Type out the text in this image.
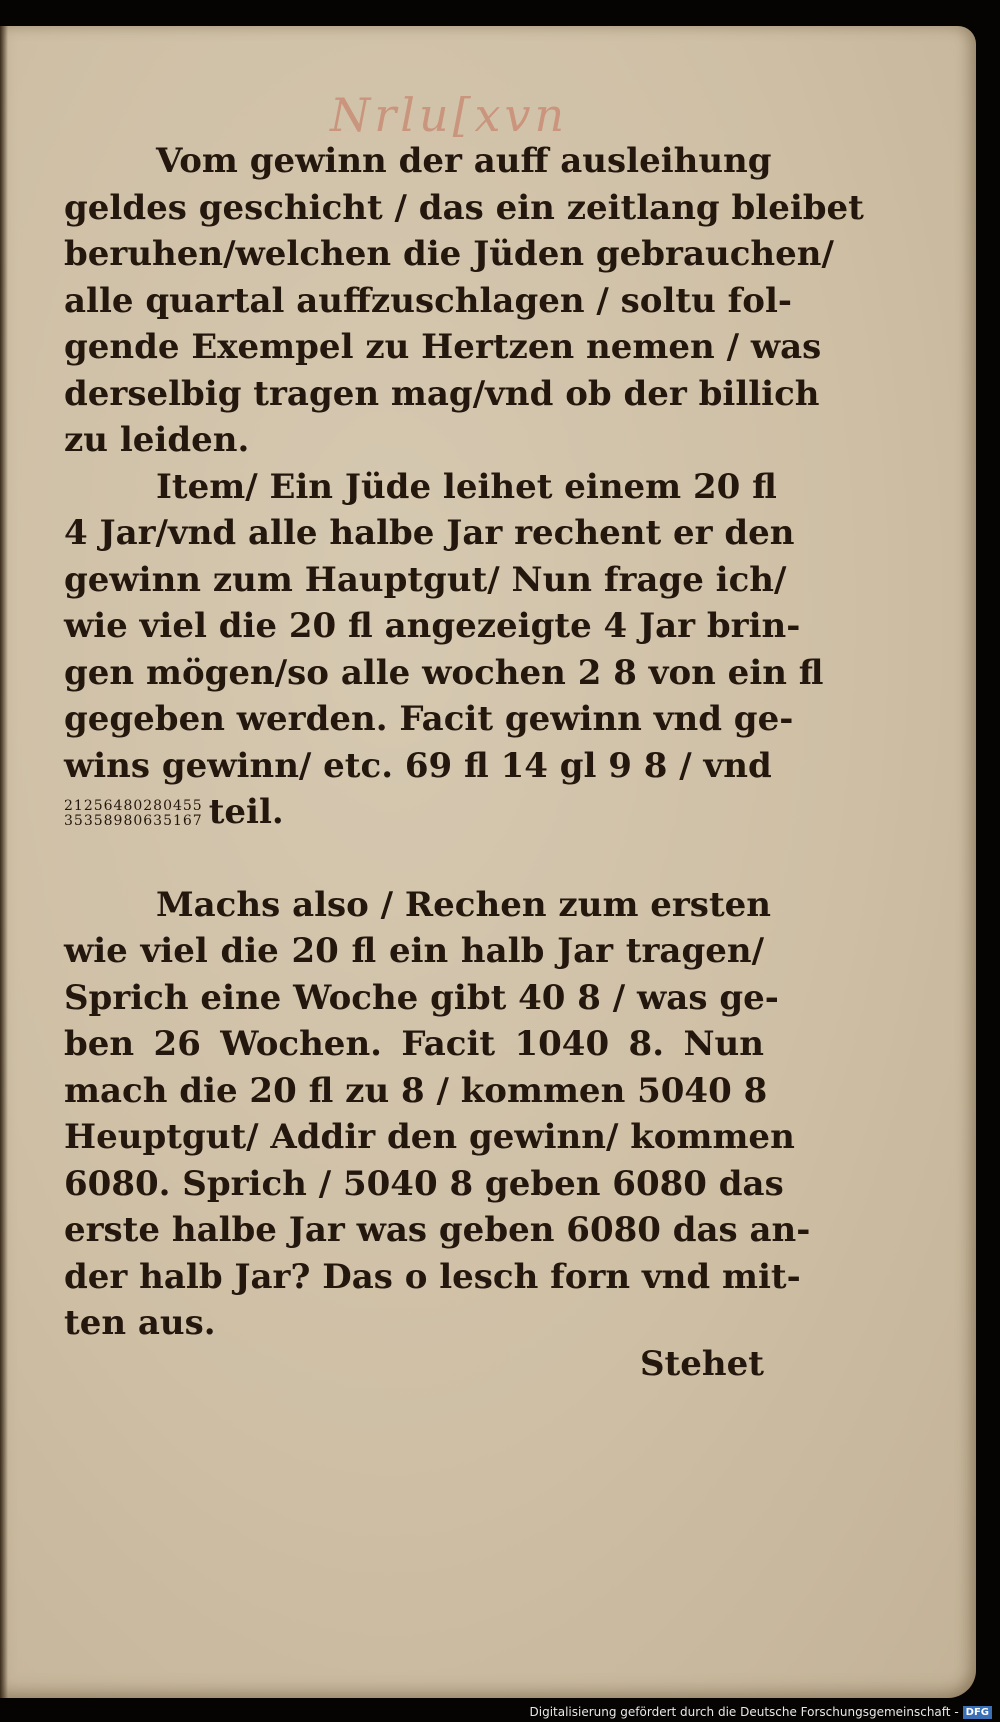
Nrlu[xvn
Vom gewinn der auff ausleihung
geldes geschicht / das ein zeitlang bleibet
beruhen/welchen die Jüden gebrauchen/
alle quartal auffzuschlagen / soltu fol-
gende Exempel zu Hertzen nemen / was
derselbig tragen mag/vnd ob der billich
zu leiden.
Item/ Ein Jüde leihet einem 20 fl
4 Jar/vnd alle halbe Jar rechent er den
gewinn zum Hauptgut/ Nun frage ich/
wie viel die 20 fl angezeigte 4 Jar brin-
gen mögen/so alle wochen 2 8 von ein fl
gegeben werden. Facit gewinn vnd ge-
wins gewinn/ etc. 69 fl 14 gl 9 8 / vnd
21256480280455
35358980635167 teil.
Machs also / Rechen zum ersten
wie viel die 20 fl ein halb Jar tragen/
Sprich eine Woche gibt 40 8 / was ge-
ben 26 Wochen. Facit 1040 8. Nun
mach die 20 fl zu 8 / kommen 5040 8
Heuptgut/ Addir den gewinn/ kommen
6080. Sprich / 5040 8 geben 6080 das
erste halbe Jar was geben 6080 das an-
der halb Jar? Das o lesch forn vnd mit-
ten aus.
Stehet
Digitalisierung gefördert durch die Deutsche Forschungsgemeinschaft - DFG
